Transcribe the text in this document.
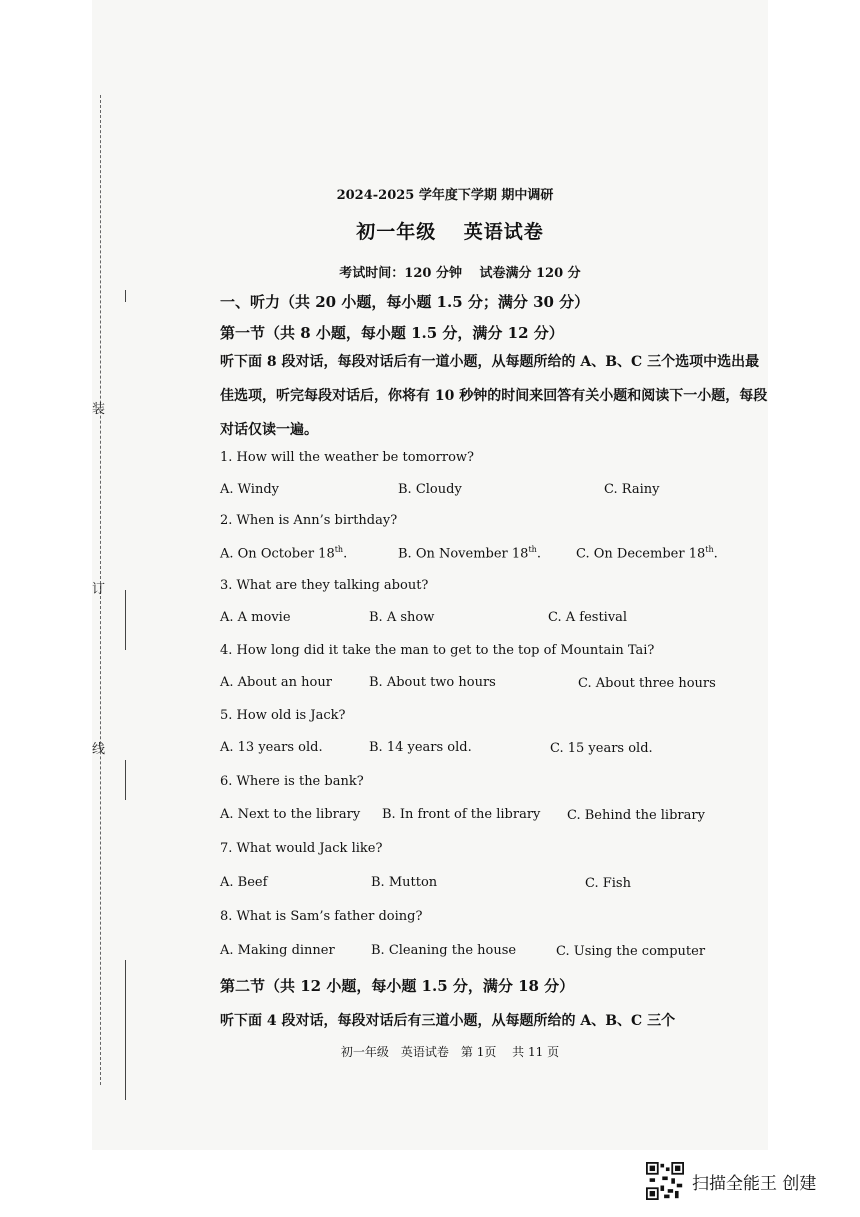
装
订
线
2024-2025 学年度下学期 期中调研
初一年级　 英语试卷
考试时间：120 分钟　 试卷满分 120 分
一、听力（共 20 小题，每小题 1.5 分；满分 30 分）
第一节（共 8 小题，每小题 1.5 分，满分 12 分）
听下面 8 段对话，每段对话后有一道小题，从每题所给的 A、B、C 三个选项中选出最佳选项，听完每段对话后，你将有 10 秒钟的时间来回答有关小题和阅读下一小题，每段对话仅读一遍。
1. How will the weather be tomorrow?
A. Windy	B. Cloudy	C. Rainy
2. When is Ann’s birthday?
A. On October 18th.	B. On November 18th.	C. On December 18th.
3. What are they talking about?
A. A movie	B. A show	C. A festival
4. How long did it take the man to get to the top of Mountain Tai?
A. About an hour	B. About two hours	C. About three hours
5. How old is Jack?
A. 13 years old.	B. 14 years old.	C. 15 years old.
6. Where is the bank?
A. Next to the library B. In front of the library C. Behind the library
7. What would Jack like?
A. Beef	B. Mutton	C. Fish
8. What is Sam’s father doing?
A. Making dinner	B. Cleaning the house	C. Using the computer
第二节（共 12 小题，每小题 1.5 分，满分 18 分）
听下面 4 段对话，每段对话后有三道小题，从每题所给的 A、B、C 三个
初一年级　英语试卷　第 1页　 共 11 页
扫描全能王 创建
